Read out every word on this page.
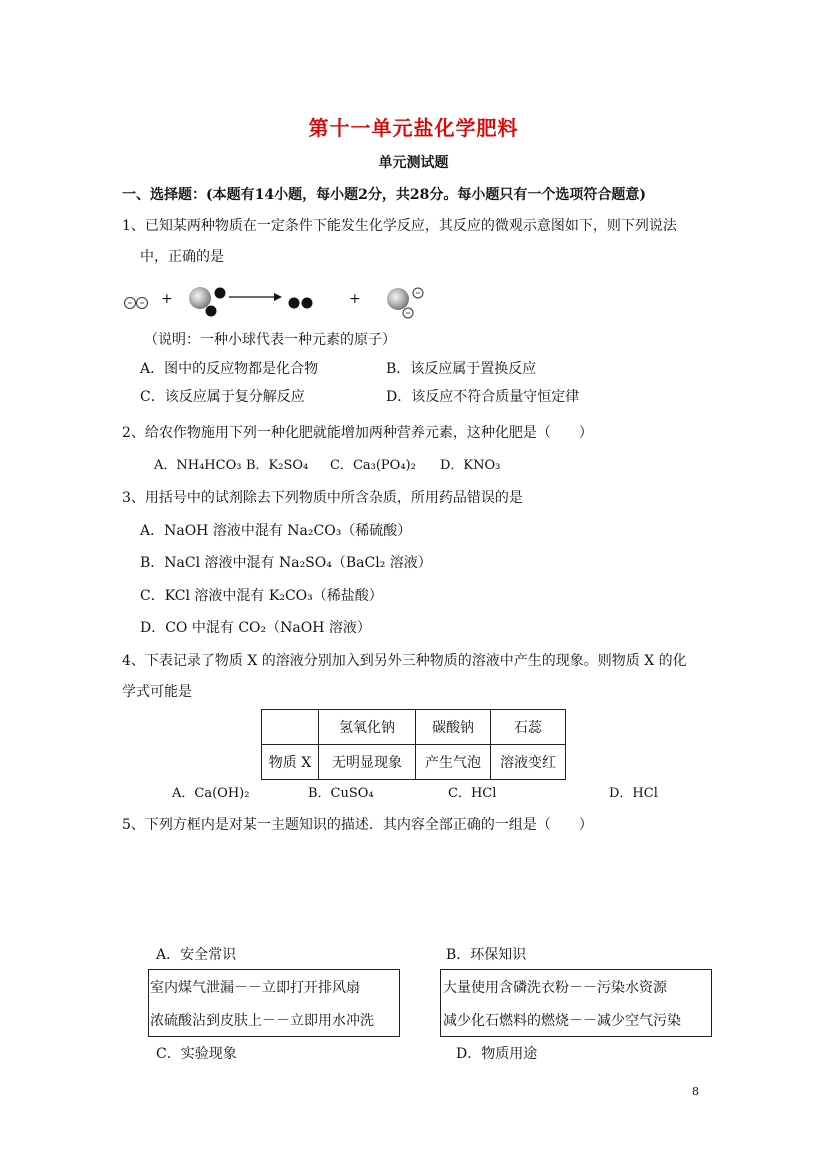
第十一单元盐化学肥料
单元测试题
一、选择题：(本题有14小题，每小题2分，共28分。每小题只有一个选项符合题意)
1、已知某两种物质在一定条件下能发生化学反应，其反应的微观示意图如下，则下列说法
中，正确的是
+	+
（说明：一种小球代表一种元素的原子）
A．图中的反应物都是化合物	B．该反应属于置换反应
C．该反应属于复分解反应	D．该反应不符合质量守恒定律
2、给农作物施用下列一种化肥就能增加两种营养元素，这种化肥是（　　）
A．NH₄HCO₃ B．K₂SO₄ C．Ca₃(PO₄)₂ D．KNO₃
3、用括号中的试剂除去下列物质中所含杂质，所用药品错误的是
A．NaOH 溶液中混有 Na₂CO₃（稀硫酸）
B．NaCl 溶液中混有 Na₂SO₄（BaCl₂ 溶液）
C．KCl 溶液中混有 K₂CO₃（稀盐酸）
D．CO 中混有 CO₂（NaOH 溶液）
4、下表记录了物质 X 的溶液分别加入到另外三种物质的溶液中产生的现象。则物质 X 的化
学式可能是
	氢氧化钠	碳酸钠	石蕊
物质 X	无明显现象	产生气泡	溶液变红
A．Ca(OH)₂	B．CuSO₄	C．HCl	D．HCl
5、下列方框内是对某一主题知识的描述．其内容全部正确的一组是（　　）
A．安全常识	B．环保知识
室内煤气泄漏－－立即打开排风扇
浓硫酸沾到皮肤上－－立即用水冲洗
大量使用含磷洗衣粉－－污染水资源
减少化石燃料的燃烧－－减少空气污染
C．实验现象	D．物质用途
8
